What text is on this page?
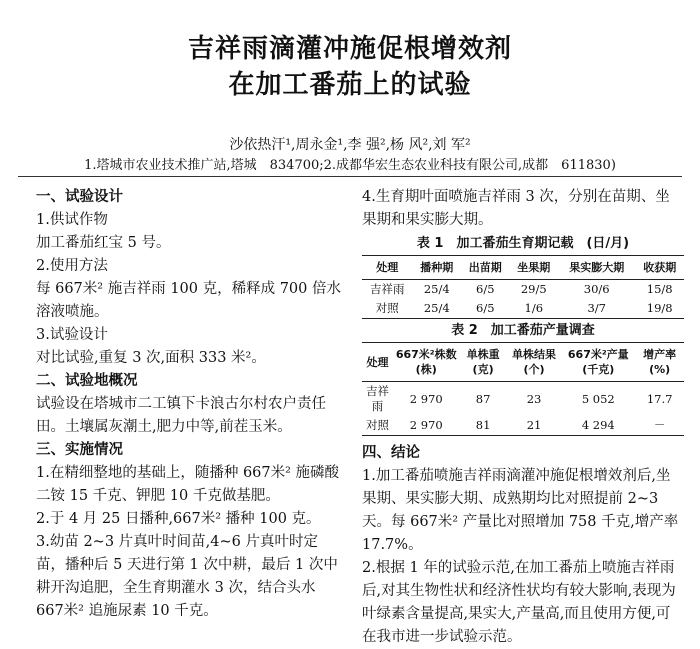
吉祥雨滴灌冲施促根增效剂
在加工番茄上的试验
沙依热汗¹,周永金¹,李 强²,杨 风²,刘 军²
1.塔城市农业技术推广站,塔城　834700;2.成都华宏生态农业科技有限公司,成都　611830)
一、试验设计
1.供试作物
加工番茄红宝 5 号。
2.使用方法
每 667米² 施吉祥雨 100 克，稀释成 700 倍水溶液喷施。
3.试验设计
对比试验,重复 3 次,面积 333 米²。
二、试验地概况
试验设在塔城市二工镇下卡浪古尔村农户责任田。土壤属灰潮土,肥力中等,前茬玉米。
三、实施情况
1.在精细整地的基础上，随播种 667米² 施磷酸二铵 15 千克、钾肥 10 千克做基肥。
2.于 4 月 25 日播种,667米² 播种 100 克。
3.幼苗 2~3 片真叶时间苗,4~6 片真叶时定苗，播种后 5 天进行第 1 次中耕，最后 1 次中耕开沟追肥，全生育期灌水 3 次，结合头水 667米² 追施尿素 10 千克。
4.生育期叶面喷施吉祥雨 3 次，分别在苗期、坐果期和果实膨大期。
表 1　加工番茄生育期记载　(日/月)
处理	播种期	出苗期	坐果期	果实膨大期	收获期
吉祥雨	25/4	6/5	29/5	30/6	15/8
对照	25/4	6/5	1/6	3/7	19/8
表 2　加工番茄产量调查
处理	667米²株数(株)	单株重(克)	单株结果(个)	667米²产量(千克)	增产率(%)
吉祥雨	2 970	87	23	5 052	17.7
对照	2 970	81	21	4 294	－
四、结论
1.加工番茄喷施吉祥雨滴灌冲施促根增效剂后,坐果期、果实膨大期、成熟期均比对照提前 2~3 天。每 667米² 产量比对照增加 758 千克,增产率17.7%。
2.根据 1 年的试验示范,在加工番茄上喷施吉祥雨后,对其生物性状和经济性状均有较大影响,表现为叶绿素含量提高,果实大,产量高,而且使用方便,可在我市进一步试验示范。
